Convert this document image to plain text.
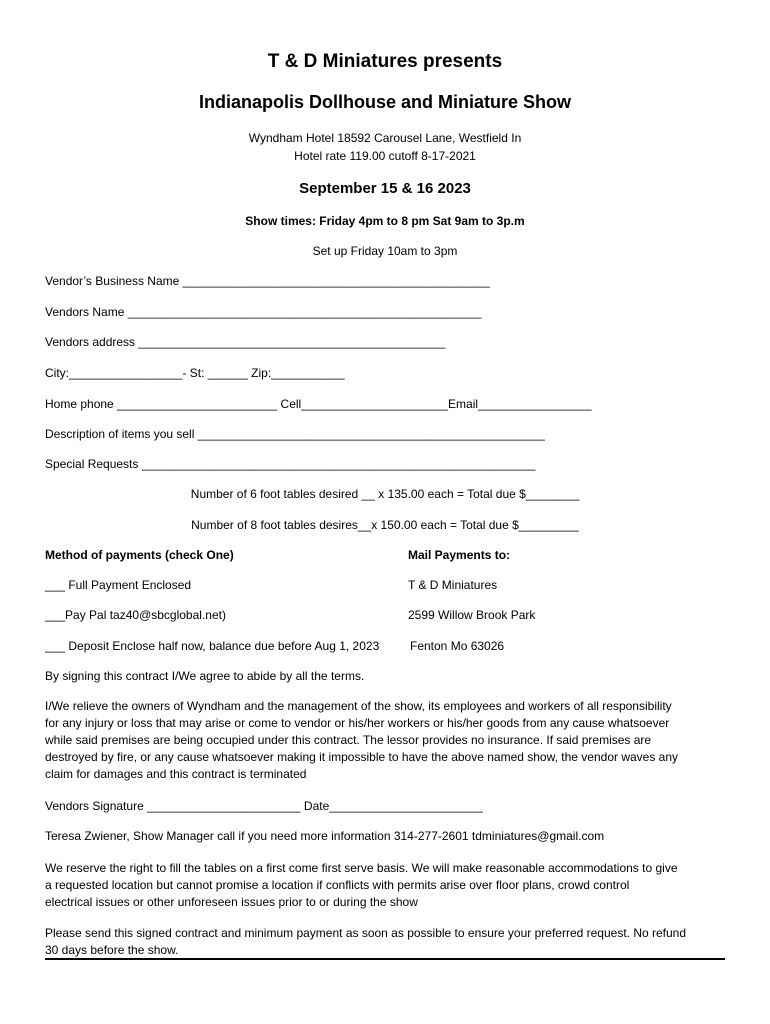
T & D Miniatures presents
Indianapolis Dollhouse and Miniature Show
Wyndham Hotel 18592 Carousel Lane, Westfield In
Hotel rate 119.00 cutoff 8-17-2021
September 15 & 16 2023
Show times: Friday 4pm to 8 pm Sat 9am to 3p.m
Set up Friday 10am to 3pm
Vendor’s Business Name ______________________________________________
Vendors Name _____________________________________________________
Vendors address ______________________________________________
City:_________________- St: ______ Zip:___________
Home phone ________________________ Cell______________________Email_________________
Description of items you sell ____________________________________________________
Special Requests ___________________________________________________________
Number of 6 foot tables desired __ x 135.00 each = Total due $________
Number of 8 foot tables desires__x 150.00 each = Total due $_________
Method of payments (check One)	Mail Payments to:
___ Full Payment Enclosed	T & D Miniatures
___Pay Pal taz40@sbcglobal.net)	2599 Willow Brook Park
___ Deposit Enclose half now, balance due before Aug 1, 2023	Fenton Mo 63026
By signing this contract I/We agree to abide by all the terms.
I/We relieve the owners of Wyndham and the management of the show, its employees and workers of all responsibility
for any injury or loss that may arise or come to vendor or his/her workers or his/her goods from any cause whatsoever
while said premises are being occupied under this contract. The lessor provides no insurance. If said premises are
destroyed by fire, or any cause whatsoever making it impossible to have the above named show, the vendor waves any
claim for damages and this contract is terminated
Vendors Signature _______________________ Date_______________________
Teresa Zwiener, Show Manager call if you need more information 314-277-2601 tdminiatures@gmail.com
We reserve the right to fill the tables on a first come first serve basis. We will make reasonable accommodations to give
a requested location but cannot promise a location if conflicts with permits arise over floor plans, crowd control
electrical issues or other unforeseen issues prior to or during the show
Please send this signed contract and minimum payment as soon as possible to ensure your preferred request. No refund
30 days before the show.
